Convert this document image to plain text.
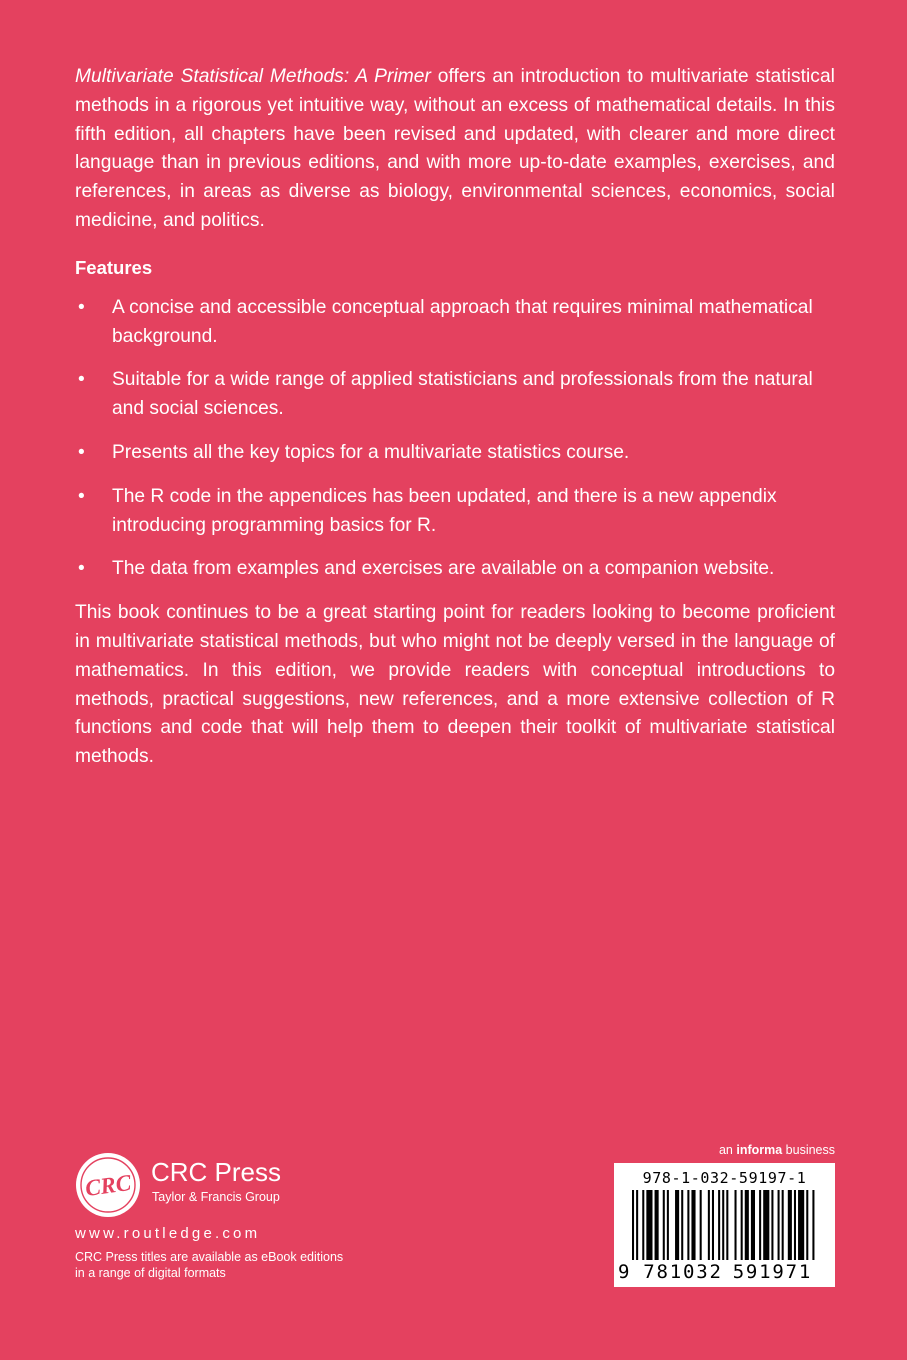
Multivariate Statistical Methods: A Primer offers an introduction to multivariate statistical methods in a rigorous yet intuitive way, without an excess of mathematical details. In this fifth edition, all chapters have been revised and updated, with clearer and more direct language than in previous editions, and with more up-to-date examples, exercises, and references, in areas as diverse as biology, environmental sciences, economics, social medicine, and politics.

Features
• A concise and accessible conceptual approach that requires minimal mathematical background.
• Suitable for a wide range of applied statisticians and professionals from the natural and social sciences.
• Presents all the key topics for a multivariate statistics course.
• The R code in the appendices has been updated, and there is a new appendix introducing programming basics for R.
• The data from examples and exercises are available on a companion website.

This book continues to be a great starting point for readers looking to become proficient in multivariate statistical methods, but who might not be deeply versed in the language of mathematics. In this edition, we provide readers with conceptual introductions to methods, practical suggestions, new references, and a more extensive collection of R functions and code that will help them to deepen their toolkit of multivariate statistical methods.

CRC CRC Press
Taylor & Francis Group
www.routledge.com
CRC Press titles are available as eBook editions in a range of digital formats
an informa business
978-1-032-59197-1
9 781032 591971
